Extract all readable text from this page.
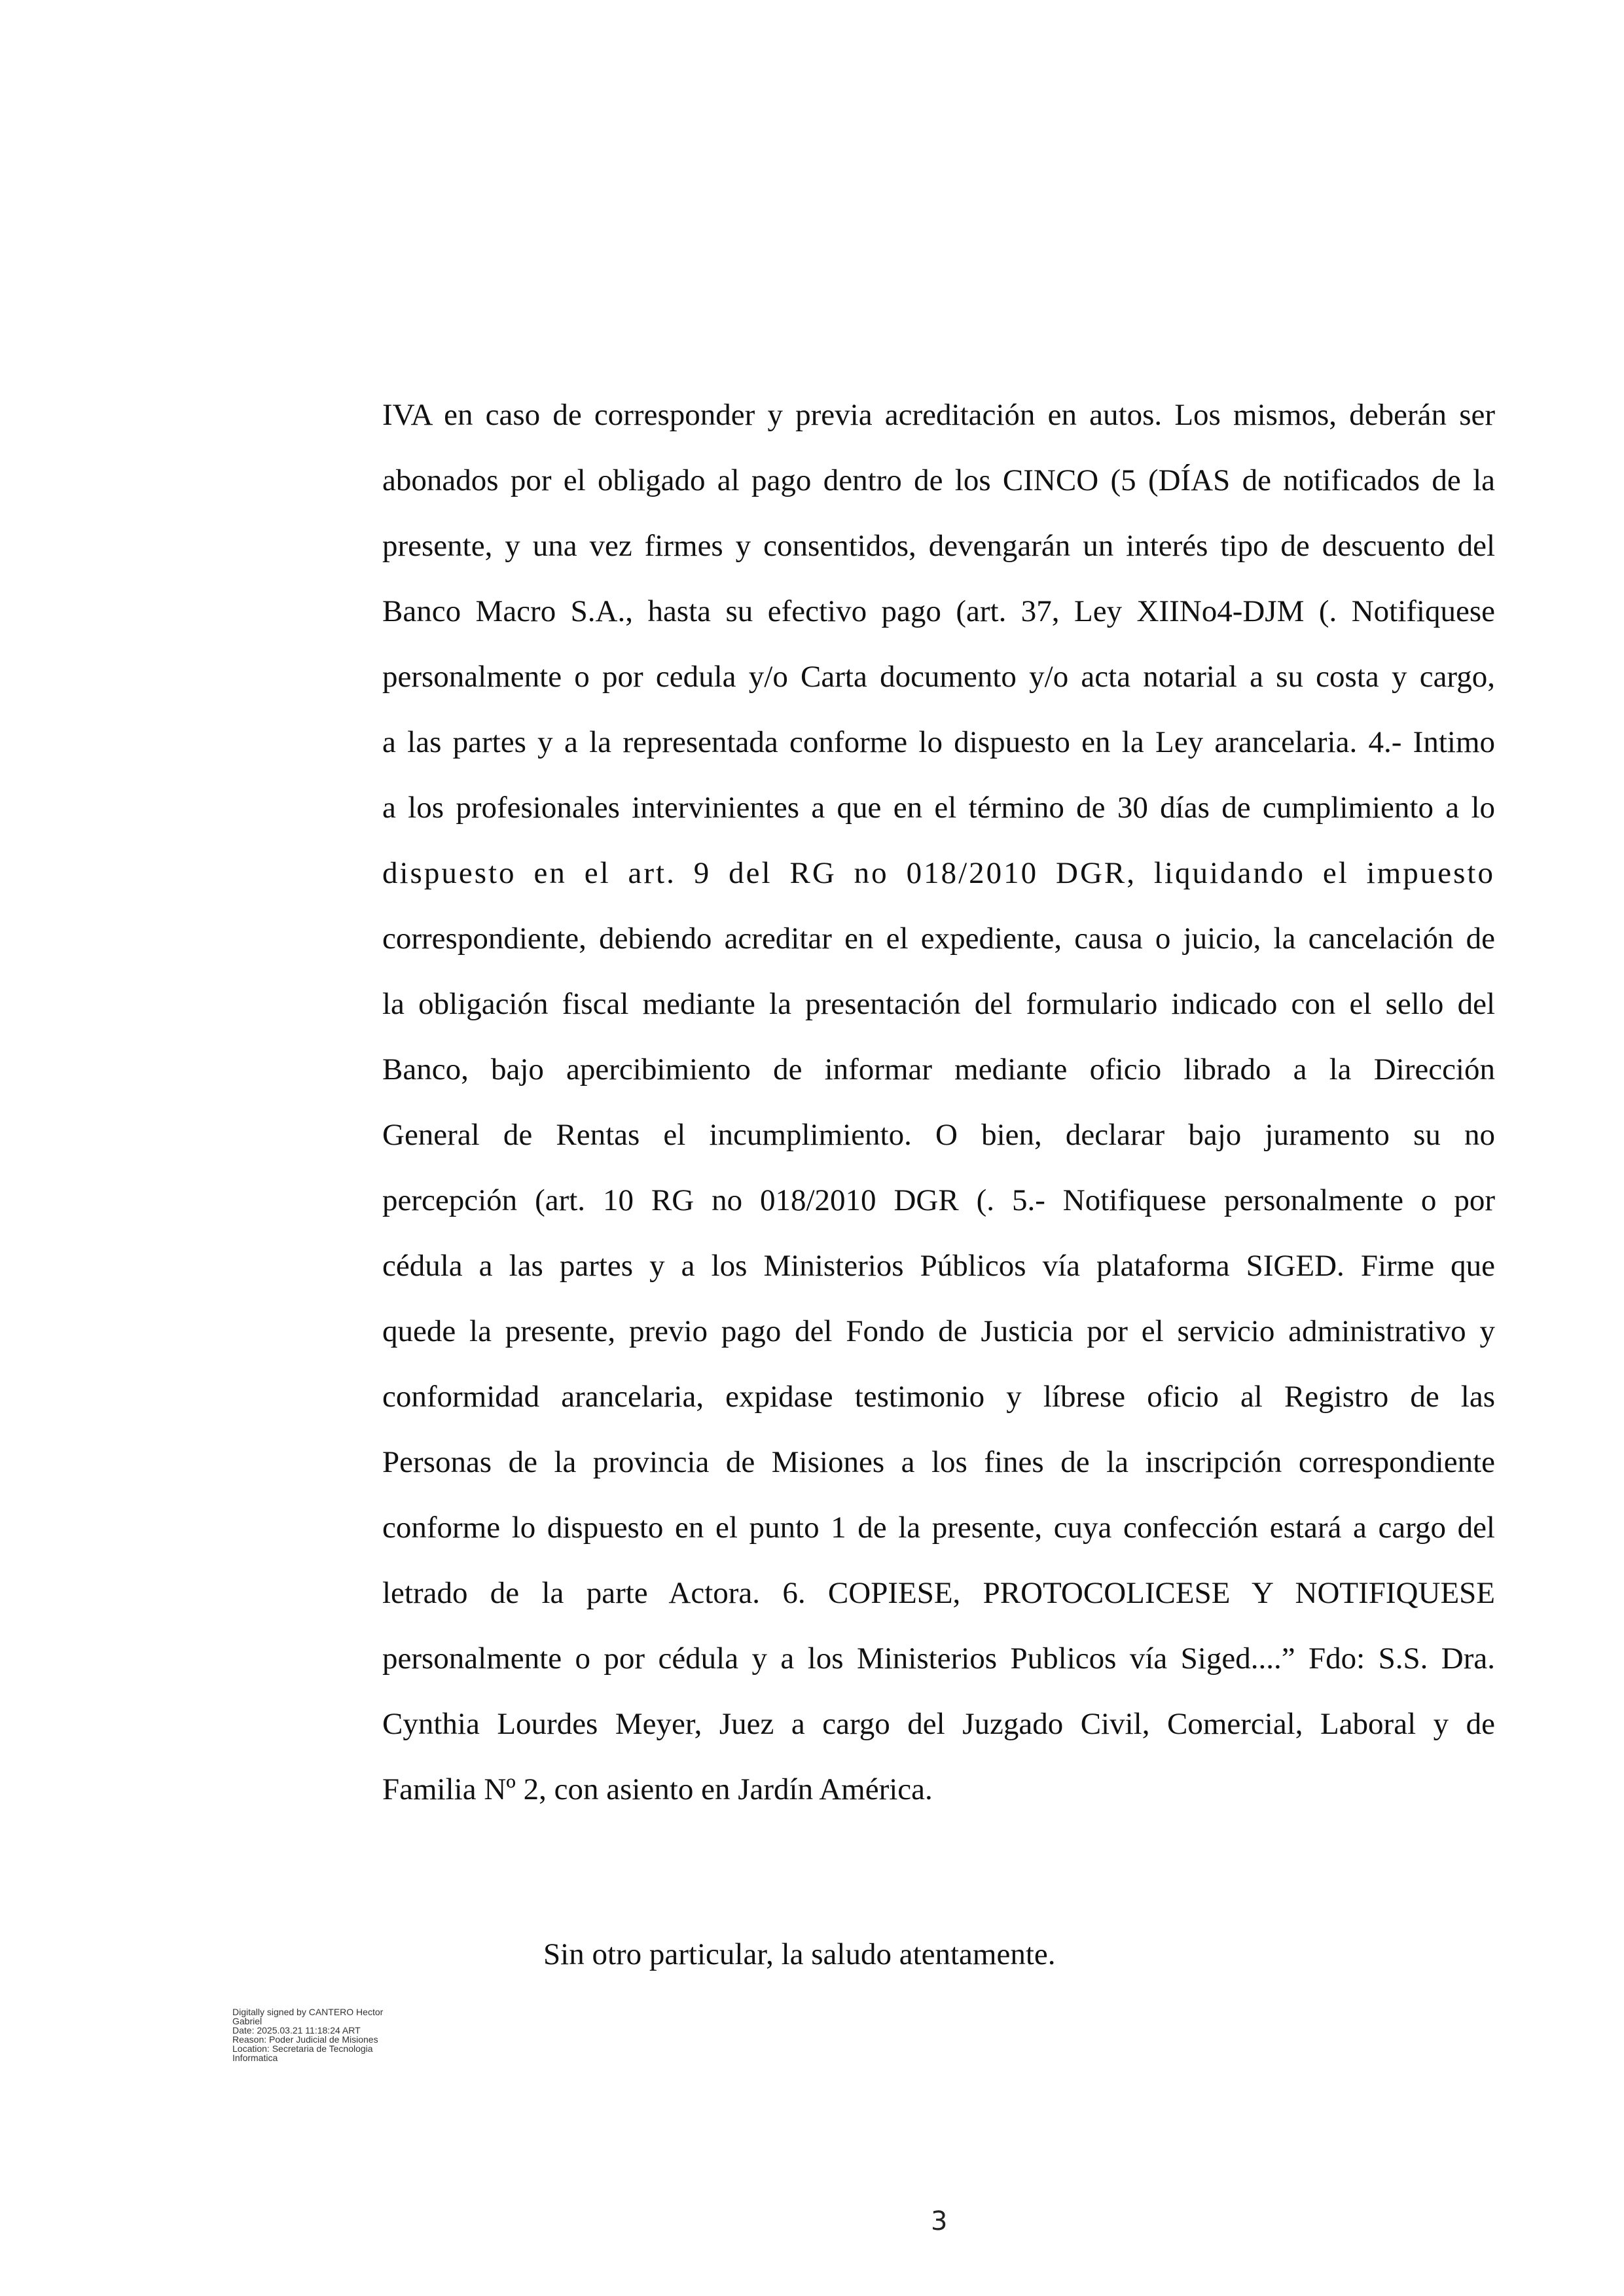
IVA en caso de corresponder y previa acreditación en autos. Los mismos, deberán ser
abonados por el obligado al pago dentro de los CINCO (5 (DÍAS de notificados de la
presente, y una vez firmes y consentidos, devengarán un interés tipo de descuento del
Banco Macro S.A., hasta su efectivo pago (art. 37, Ley XIINo4-DJM (. Notifiquese
personalmente o por cedula y/o Carta documento y/o acta notarial a su costa y cargo,
a las partes y a la representada conforme lo dispuesto en la Ley arancelaria. 4.- Intimo
a los profesionales intervinientes a que en el término de 30 días de cumplimiento a lo
dispuesto en el art. 9 del RG no 018/2010 DGR, liquidando el impuesto
correspondiente, debiendo acreditar en el expediente, causa o juicio, la cancelación de
la obligación fiscal mediante la presentación del formulario indicado con el sello del
Banco, bajo apercibimiento de informar mediante oficio librado a la Dirección
General de Rentas el incumplimiento. O bien, declarar bajo juramento su no
percepción (art. 10 RG no 018/2010 DGR (. 5.- Notifiquese personalmente o por
cédula a las partes y a los Ministerios Públicos vía plataforma SIGED. Firme que
quede la presente, previo pago del Fondo de Justicia por el servicio administrativo y
conformidad arancelaria, expidase testimonio y líbrese oficio al Registro de las
Personas de la provincia de Misiones a los fines de la inscripción correspondiente
conforme lo dispuesto en el punto 1 de la presente, cuya confección estará a cargo del
letrado de la parte Actora. 6. COPIESE, PROTOCOLICESE Y NOTIFIQUESE
personalmente o por cédula y a los Ministerios Publicos vía Siged....” Fdo: S.S. Dra.
Cynthia Lourdes Meyer, Juez a cargo del Juzgado Civil, Comercial, Laboral y de
Familia Nº 2, con asiento en Jardín América.
Sin otro particular, la saludo atentamente.
Digitally signed by CANTERO Hector
Gabriel
Date: 2025.03.21 11:18:24 ART
Reason: Poder Judicial de Misiones
Location: Secretaria de Tecnologia
Informatica
3
